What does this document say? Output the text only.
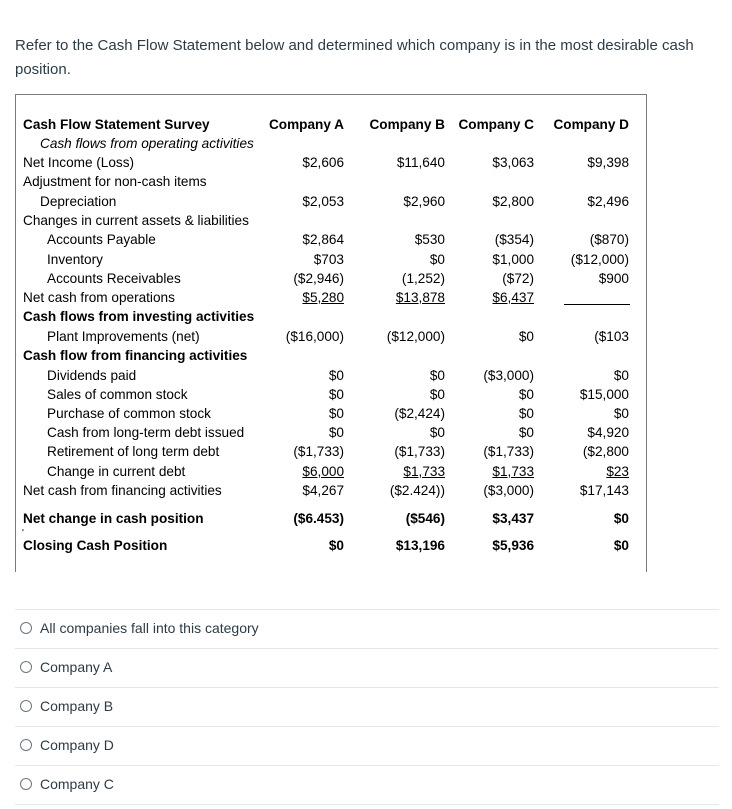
Refer to the Cash Flow Statement below and determined which company is in the most desirable cash position.
Cash Flow Statement Survey	Company A Company B Company C Company D
Cash flows from operating activities
Net Income (Loss)	$2,606	$11,640	$3,063	$9,398
Adjustment for non-cash items
Depreciation	$2,053	$2,960	$2,800	$2,496
Changes in current assets & liabilities
Accounts Payable	$2,864	$530	($354)	($870)
Inventory	$703	$0	$1,000	($12,000)
Accounts Receivables	($2,946)	(1,252)	($72)	$900
Net cash from operations	$5,280	$13,878	$6,437
Cash flows from investing activities
Plant Improvements (net)	($16,000)	($12,000)	$0	($103
Cash flow from financing activities
Dividends paid	$0	$0	($3,000)	$0
Sales of common stock	$0	$0	$0	$15,000
Purchase of common stock	$0	($2,424)	$0	$0
Cash from long-term debt issued	$0	$0	$0	$4,920
Retirement of long term debt	($1,733)	($1,733)	($1,733)	($2,800
Change in current debt	$6,000	$1,733	$1,733	$23
Net cash from financing activities	$4,267	($2.424))	($3,000)	$17,143
Net change in cash position	($6.453)	($546)	$3,437	$0
Closing Cash Position	$0	$13,196	$5,936	$0
'
All companies fall into this category
Company A
Company B
Company D
Company C
